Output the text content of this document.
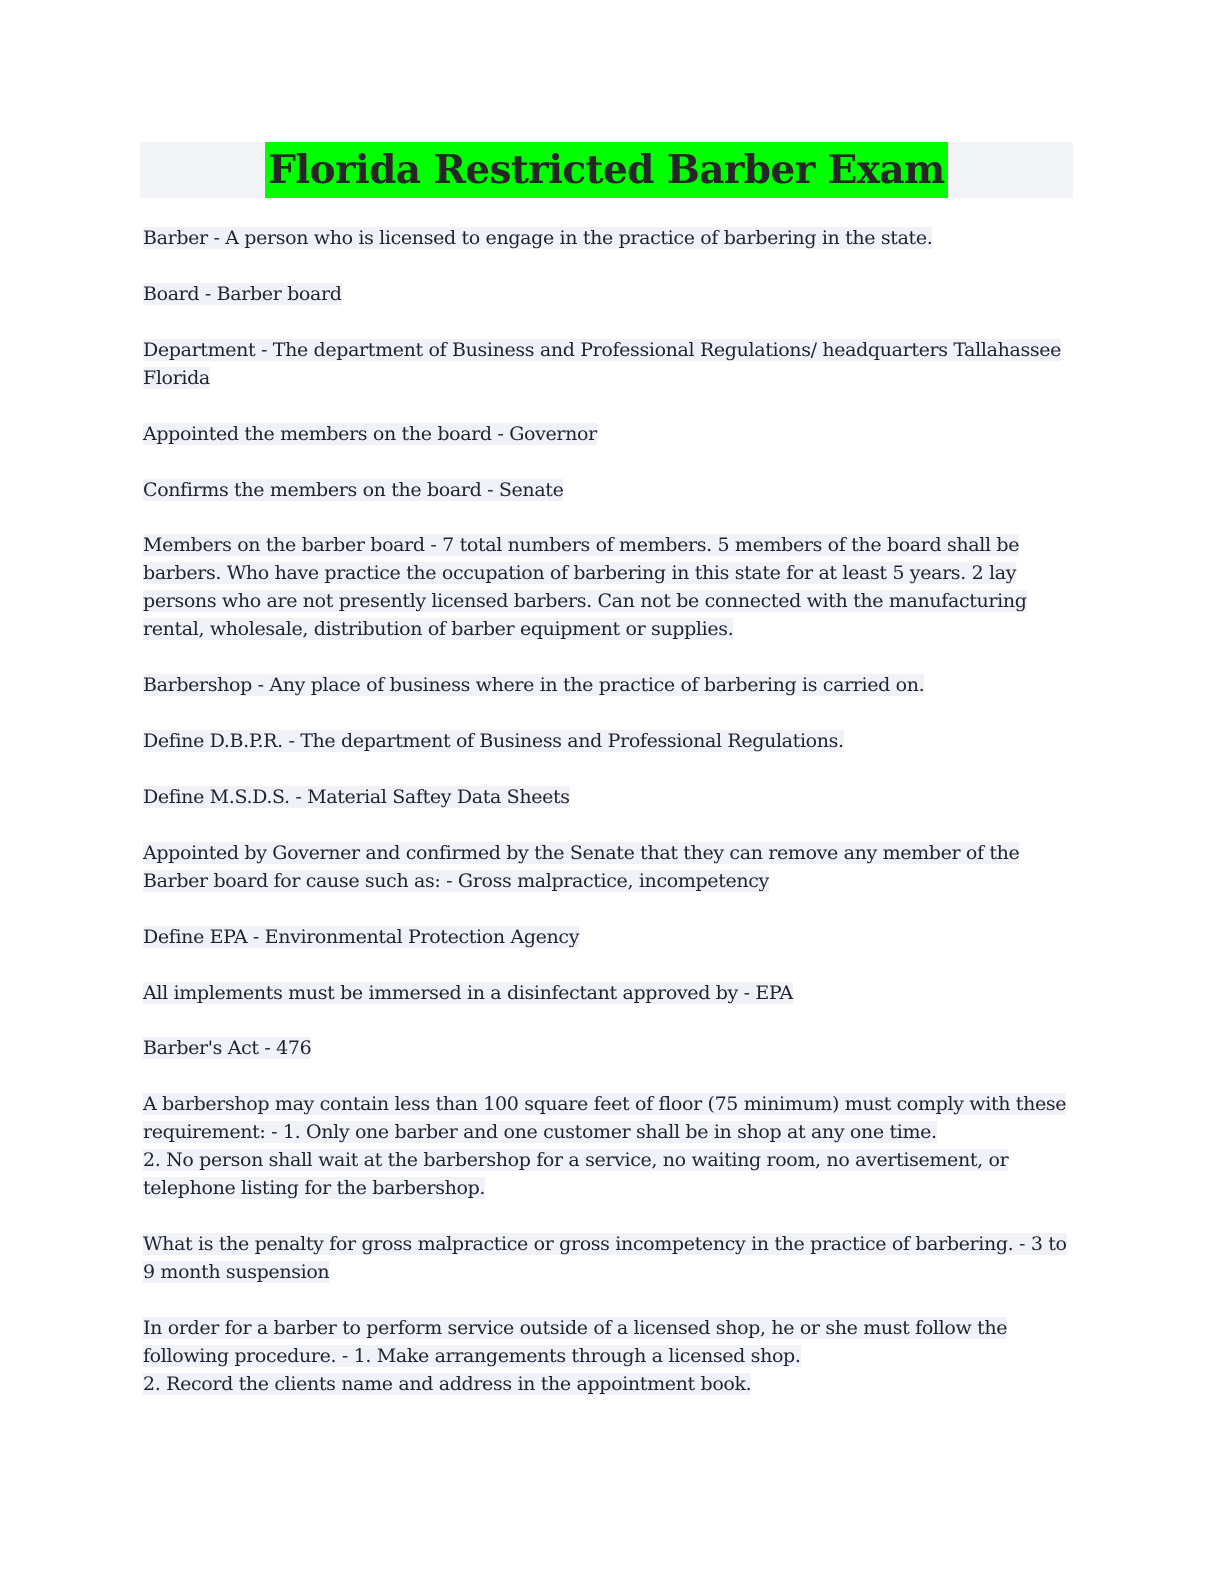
Florida Restricted Barber Exam

Barber - A person who is licensed to engage in the practice of barbering in the state.

Board - Barber board

Department - The department of Business and Professional Regulations/ headquarters Tallahassee Florida

Appointed the members on the board - Governor

Confirms the members on the board - Senate

Members on the barber board - 7 total numbers of members. 5 members of the board shall be barbers. Who have practice the occupation of barbering in this state for at least 5 years. 2 lay persons who are not presently licensed barbers. Can not be connected with the manufacturing rental, wholesale, distribution of barber equipment or supplies.

Barbershop - Any place of business where in the practice of barbering is carried on.

Define D.B.P.R. - The department of Business and Professional Regulations.

Define M.S.D.S. - Material Saftey Data Sheets

Appointed by Governer and confirmed by the Senate that they can remove any member of the Barber board for cause such as: - Gross malpractice, incompetency

Define EPA - Environmental Protection Agency

All implements must be immersed in a disinfectant approved by - EPA

Barber's Act - 476

A barbershop may contain less than 100 square feet of floor (75 minimum) must comply with these requirement: - 1. Only one barber and one customer shall be in shop at any one time.
2. No person shall wait at the barbershop for a service, no waiting room, no avertisement, or telephone listing for the barbershop.

What is the penalty for gross malpractice or gross incompetency in the practice of barbering. - 3 to 9 month suspension

In order for a barber to perform service outside of a licensed shop, he or she must follow the following procedure. - 1. Make arrangements through a licensed shop.
2. Record the clients name and address in the appointment book.
